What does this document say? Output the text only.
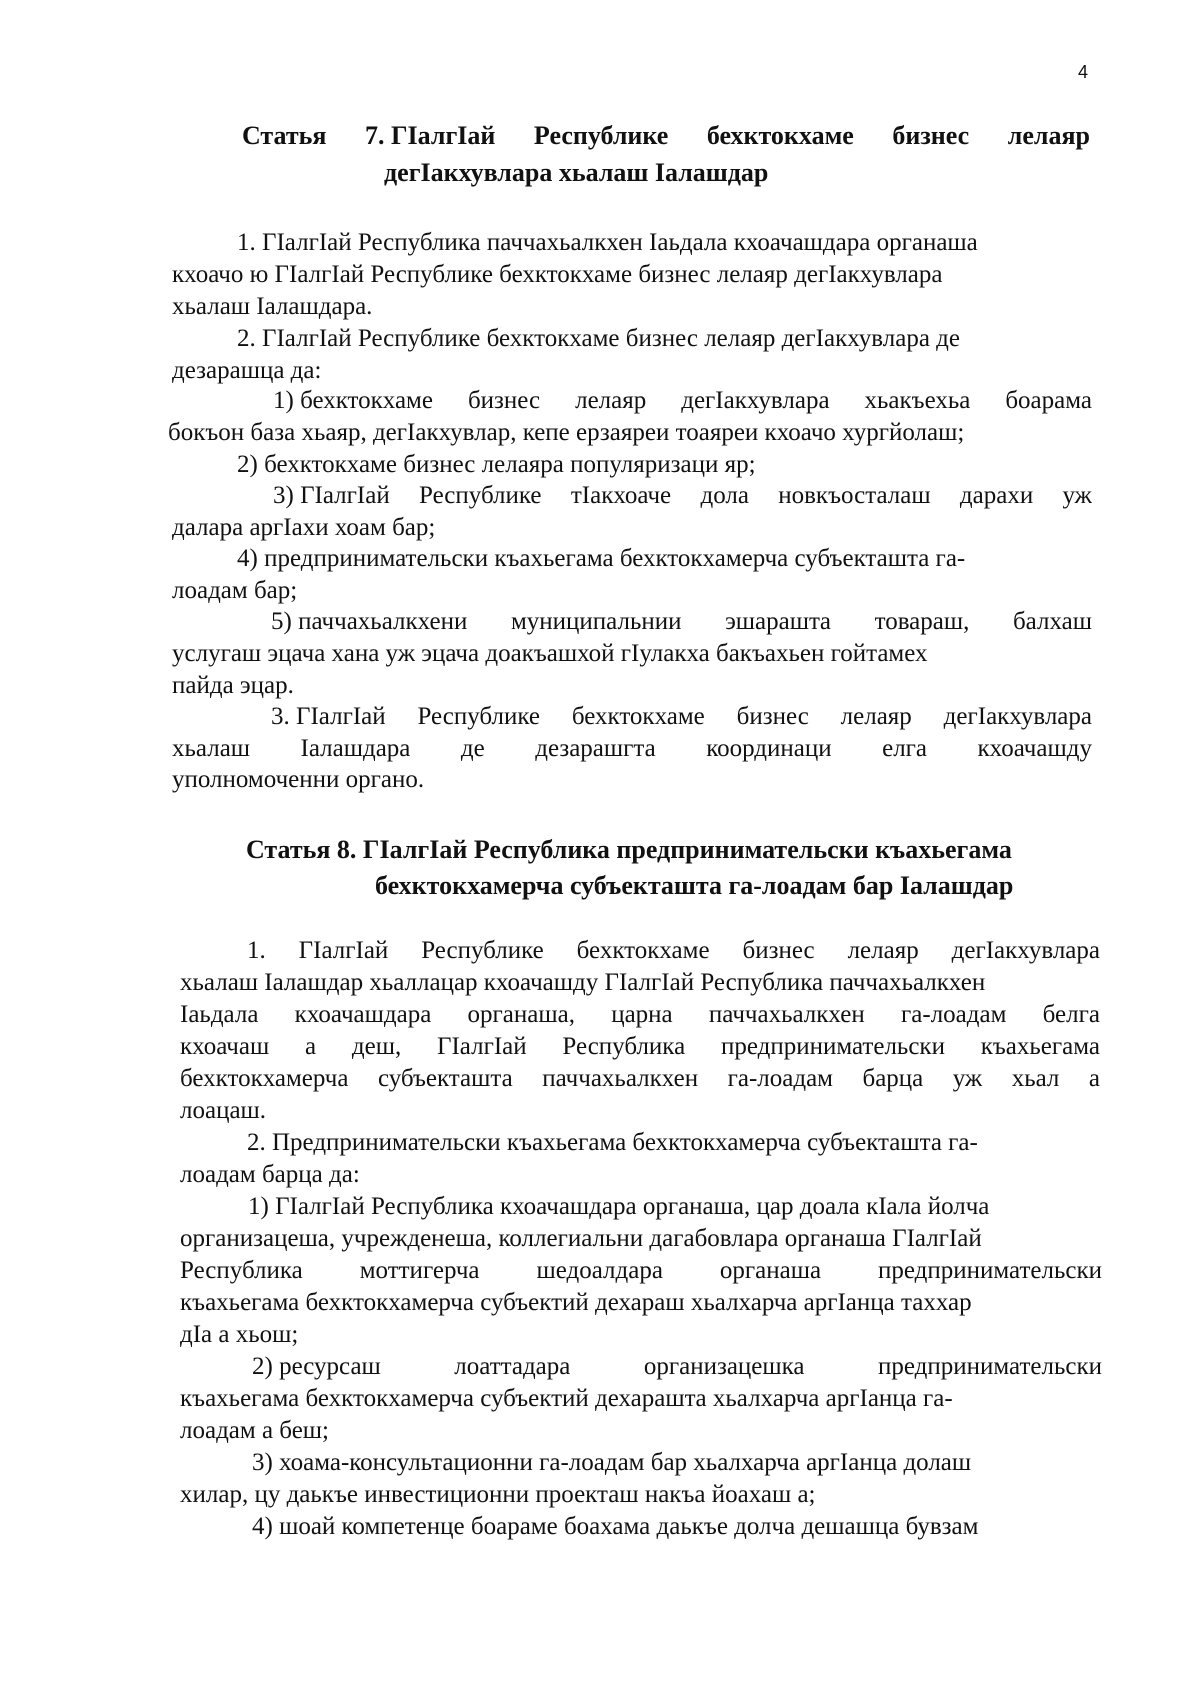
4
Статья 7. ГIалгIай Республике бехктокхаме бизнес лелаяр
дегIакхувлара хьалаш Iалашдар
1. ГIалгIай Республика паччахьалкхен Iаьдала кхоачашдара органаша
кхоачо ю ГIалгIай Республике бехктокхаме бизнес лелаяр дегIакхувлара
хьалаш Iалашдара.
2. ГIалгIай Республике бехктокхаме бизнес лелаяр дегIакхувлара де
дезарашца да:
1) бехктокхаме бизнес лелаяр дегIакхувлара хьакъехьа боарама
бокъон база хьаяр, дегIакхувлар, кепе ерзаяреи тоаяреи кхоачо хургйолаш;
2) бехктокхаме бизнес лелаяра популяризаци яр;
3) ГIалгIай Республике тIакхоаче дола новкъосталаш дарахи уж
далара аргIахи хоам бар;
4) предпринимательски къахьегама бехктокхамерча субъекташта га-
лоадам бар;
5) паччахьалкхени муниципальнии эшараштa товараш, балхаш
услугаш эцача хана уж эцача доакъашхой гIулакха бакъахьен гойтамех
пайда эцар.
3. ГIалгIай Республике бехктокхаме бизнес лелаяр дегIакхувлара
хьалаш Iалашдара де дезарашгта координаци елга кхоачашду
уполномоченни органо.
Статья 8. ГIалгIай Республика предпринимательски къахьегама
бехктокхамерча субъекташта га-лоадам бар Iалашдар
1. ГIалгIай Республике бехктокхаме бизнес лелаяр дегIакхувлара
хьалаш Iалашдар хьаллацар кхоачашду ГIалгIай Республика паччахьалкхен
Iаьдала кхоачашдара органаша, царна паччахьалкхен га-лоадам белга
кхоачаш а деш, ГIалгIай Республика предпринимательски къахьегама
бехктокхамерча субъекташта паччахьалкхен га-лоадам барца уж хьал а
лоацаш.
2. Предпринимательски къахьегама бехктокхамерча субъекташта га-
лоадам барца да:
1) ГIалгIай Республика кхоачашдара органаша, цар доала кIала йолча
организацеша, учрежденеша, коллегиальни дагабовлара органаша ГIалгIай
Республика моттигерча шедоалдара органаша предпринимательски
къахьегама бехктокхамерча субъектий дехараш хьалхарча аргIанца таххар
дIа а хьош;
2) ресурсаш	лоаттадара	организацешка	предпринимательски
къахьегама бехктокхамерча субъектий дехараштa хьалхарча аргIанца га-
лоадам а беш;
3) хоама-консультационни га-лоадам бар хьалхарча аргIанца долаш
хилар, цу даькъе инвестиционни проекташ накъа йоахаш а;
4) шоай компетенце боараме боахама даькъе долча дешашца бувзам
